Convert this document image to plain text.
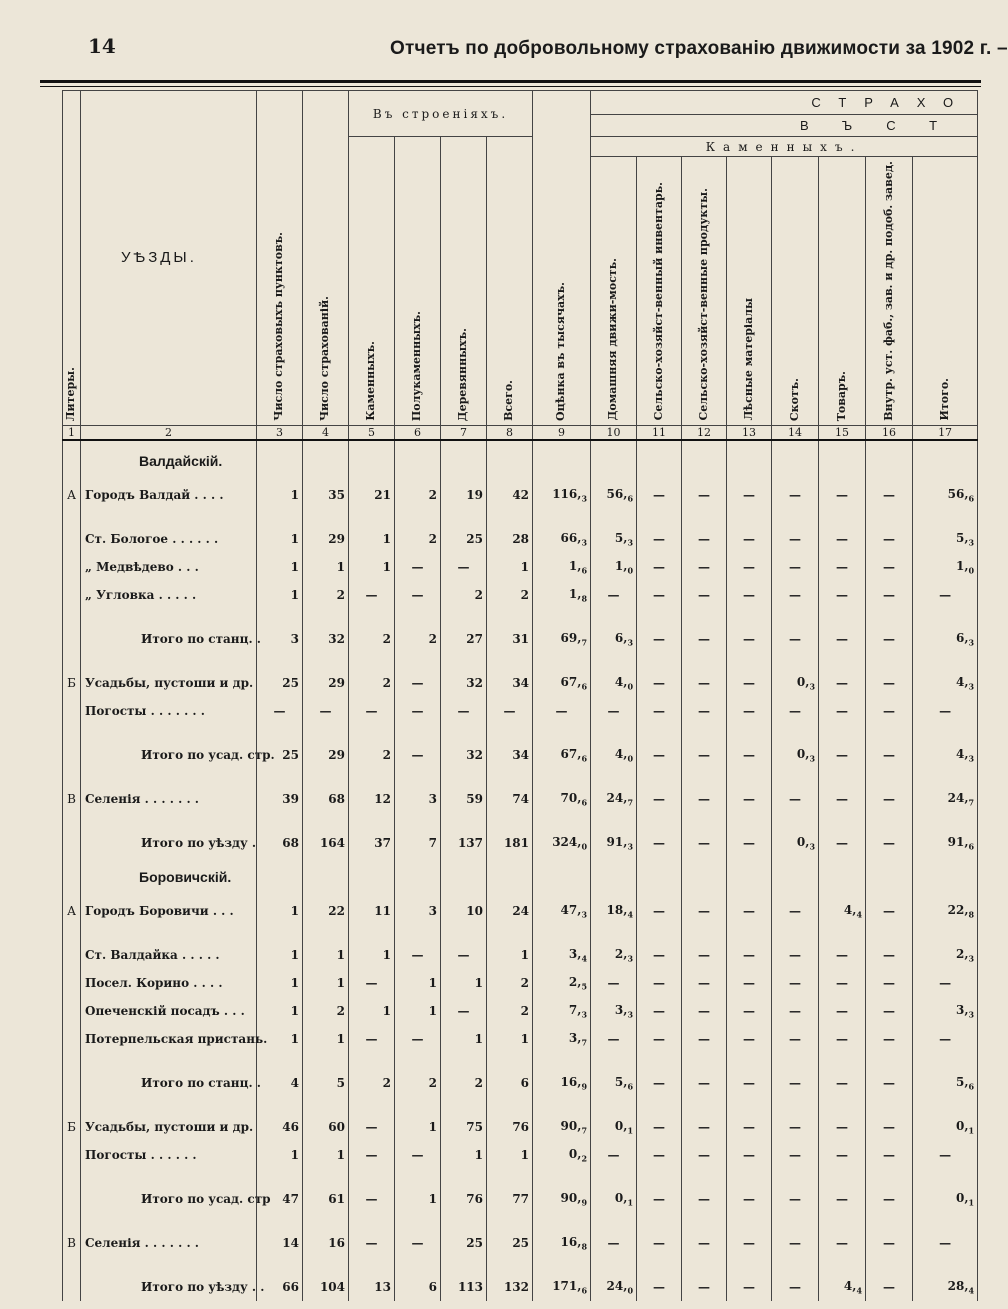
14	Отчетъ по добровольному страхованію движимости за 1902 г. –
Литеры.	УѢЗДЫ.	Число страховыхъ пунктовъ.	Число страхованій.	Въ строеніяхъ.				Оцѣнка въ тысячахъ.	СТРАХО							
									ВЪСТ							

				Каменныхъ.	Полукаменныхъ.	Деревянныхъ.	Всего.		Каменныхъ.							

									Домашняя движи-мость.	Сельско-хозяйст-венный инвентарь.	Сельско-хозяйст-венные продукты.	Лѣсные матеріалы	Скотъ.	Товаръ.	Внутр. уст. фаб., зав. и др. подоб. завед.	Итого.

1	2	3	4	5	6	7	8	9	10	11	12	13	14	15	16	17
	Валдайскій.															
А	Городъ Валдай . . . .	1	35	21	2	19	42	$116,_3$	$56,_6$	—	—	—	—	—	—	$56,_6$

	Ст. Бологое . . . . . .	1	29	1	2	25	28	$66,_3$	$5,_3$	—	—	—	—	—	—	$5,_3$
	„ Медвѣдево . . .	1	1	1	—	—	1	$1,_6$	$1,_0$	—	—	—	—	—	—	$1,_0$
	„ Угловка . . . . .	1	2	—	—	2	2	$1,_8$	—	—	—	—	—	—	—	—

	Итого по станц. .	3	32	2	2	27	31	$69,_7$	$6,_3$	—	—	—	—	—	—	$6,_3$

Б	Усадьбы, пустоши и др.	25	29	2	—	32	34	$67,_6$	$4,_0$	—	—	—	$0,_3$	—	—	$4,_3$
	Погосты . . . . . . .	—	—	—	—	—	—	—	—	—	—	—	—	—	—	—

	Итого по усад. стр.	25	29	2	—	32	34	$67,_6$	$4,_0$	—	—	—	$0,_3$	—	—	$4,_3$

В	Селенія . . . . . . .	39	68	12	3	59	74	$70,_6$	$24,_7$	—	—	—	—	—	—	$24,_7$

	Итого по уѣзду .	68	164	37	7	137	181	$324,_0$	$91,_3$	—	—	—	$0,_3$	—	—	$91,_6$
	Боровичскій.															
А	Городъ Боровичи . . .	1	22	11	3	10	24	$47,_3$	$18,_4$	—	—	—	—	$4,_4$	—	$22,_8$

	Ст. Валдайка . . . . .	1	1	1	—	—	1	$3,_4$	$2,_3$	—	—	—	—	—	—	$2,_3$
	Посел. Корино . . . .	1	1	—	1	1	2	$2,_5$	—	—	—	—	—	—	—	—
	Опеченскій посадъ . . .	1	2	1	1	—	2	$7,_3$	$3,_3$	—	—	—	—	—	—	$3,_3$
	Потерпельская пристань.	1	1	—	—	1	1	$3,_7$	—	—	—	—	—	—	—	—

	Итого по станц. .	4	5	2	2	2	6	$16,_9$	$5,_6$	—	—	—	—	—	—	$5,_6$

Б	Усадьбы, пустоши и др.	46	60	—	1	75	76	$90,_7$	$0,_1$	—	—	—	—	—	—	$0,_1$
	Погосты . . . . . .	1	1	—	—	1	1	$0,_2$	—	—	—	—	—	—	—	—

	Итого по усад. стр	47	61	—	1	76	77	$90,_9$	$0,_1$	—	—	—	—	—	—	$0,_1$

В	Селенія . . . . . . .	14	16	—	—	25	25	$16,_8$	—	—	—	—	—	—	—	—

	Итого по уѣзду . .	66	104	13	6	113	132	$171,_6$	$24,_0$	—	—	—	—	$4,_4$	—	$28,_4$
